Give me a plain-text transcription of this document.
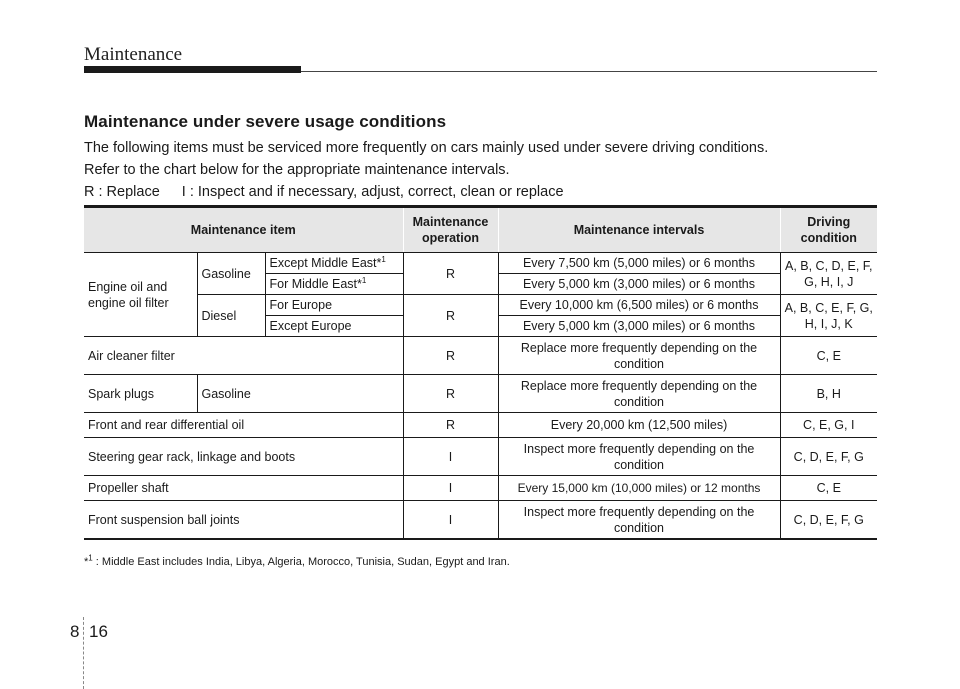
Maintenance
Maintenance under severe usage conditions

The following items must be serviced more frequently on cars mainly used under severe driving conditions.

Refer to the chart below for the appropriate maintenance intervals.

R : Replace I : Inspect and if necessary, adjust, correct, clean or replace

Maintenance item			Maintenance operation	Maintenance intervals	Driving condition
Engine oil and engine oil filter	Gasoline	Except Middle East*$^1$	R	Every 7,500 km (5,000 miles) or 6 months	A, B, C, D, E, F, G, H, I, J
		For Middle East*$^1$		Every 5,000 km (3,000 miles) or 6 months	
	Diesel	For Europe	R	Every 10,000 km (6,500 miles) or 6 months	A, B, C, E, F, G, H, I, J, K
		Except Europe		Every 5,000 km (3,000 miles) or 6 months	
Air cleaner filter			R	Replace more frequently depending on the condition	C, E
Spark plugs	Gasoline		R	Replace more frequently depending on the condition	B, H
Front and rear differential oil			R	Every 20,000 km (12,500 miles)	C, E, G, I
Steering gear rack, linkage and boots			I	Inspect more frequently depending on the condition	C, D, E, F, G
Propeller shaft			I	Every 15,000 km (10,000 miles) or 12 months	C, E
Front suspension ball joints			I	Inspect more frequently depending on the condition	C, D, E, F, G
*$^1$ : Middle East includes India, Libya, Algeria, Morocco, Tunisia, Sudan, Egypt and Iran.
8 16
